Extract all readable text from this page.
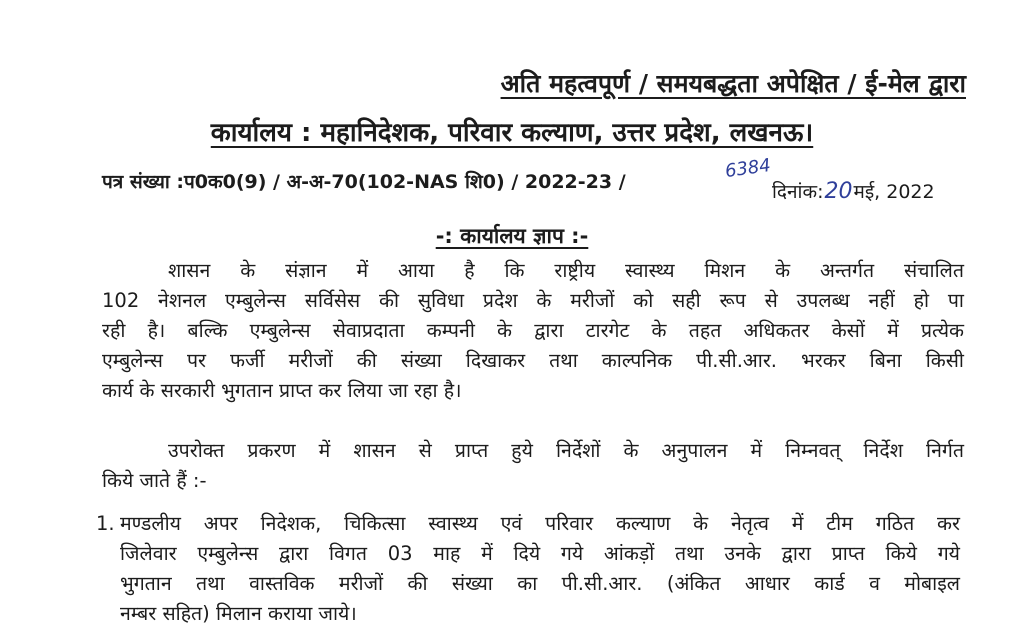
अति महत्वपूर्ण / समयबद्धता अपेक्षित / ई-मेल द्वारा
कार्यालय : महानिदेशक, परिवार कल्याण, उत्तर प्रदेश, लखनऊ।
पत्र संख्या :प0क0(9) / अ-अ-70(102-NAS शि0) / 2022-23 /	6384
दिनांक:20मई, 2022
-: कार्यालय ज्ञाप :-
शासन के संज्ञान में आया है कि राष्ट्रीय स्वास्थ्य मिशन के अन्तर्गत संचालित
102 नेशनल एम्बुलेन्स सर्विसेस की सुविधा प्रदेश के मरीजों को सही रूप से उपलब्ध नहीं हो पा
रही है। बल्कि एम्बुलेन्स सेवाप्रदाता कम्पनी के द्वारा टारगेट के तहत अधिकतर केसों में प्रत्येक
एम्बुलेन्स पर फर्जी मरीजों की संख्या दिखाकर तथा काल्पनिक पी.सी.आर. भरकर बिना किसी
कार्य के सरकारी भुगतान प्राप्त कर लिया जा रहा है।
उपरोक्त प्रकरण में शासन से प्राप्त हुये निर्देशों के अनुपालन में निम्नवत् निर्देश निर्गत
किये जाते हैं :-
1. मण्डलीय अपर निदेशक, चिकित्सा स्वास्थ्य एवं परिवार कल्याण के नेतृत्व में टीम गठित कर
जिलेवार एम्बुलेन्स द्वारा विगत 03 माह में दिये गये आंकड़ों तथा उनके द्वारा प्राप्त किये गये
भुगतान तथा वास्तविक मरीजों की संख्या का पी.सी.आर. (अंकित आधार कार्ड व मोबाइल
नम्बर सहित) मिलान कराया जाये।
